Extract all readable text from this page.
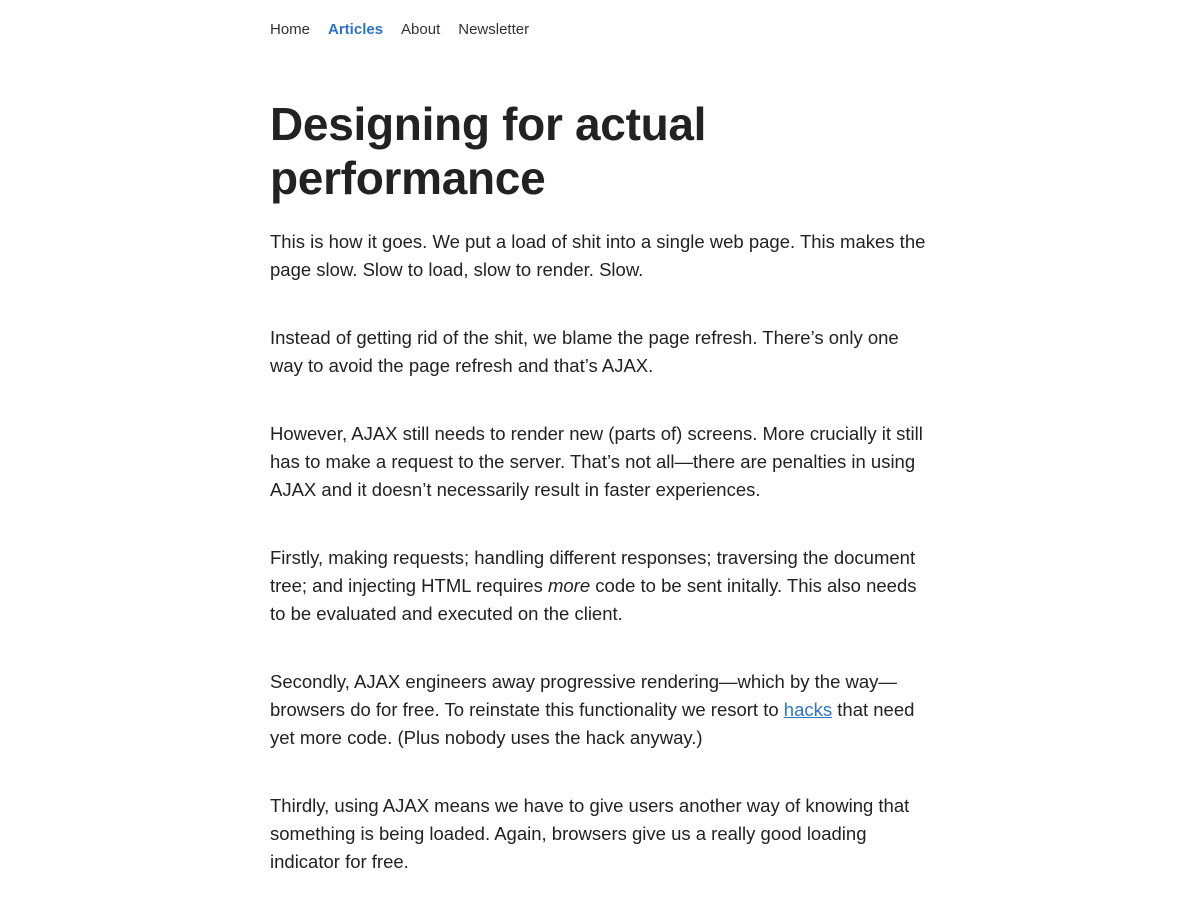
Home Articles About Newsletter
Designing for actual performance

This is how it goes. We put a load of shit into a single web page. This makes the page slow. Slow to load, slow to render. Slow.

Instead of getting rid of the shit, we blame the page refresh. There’s only one way to avoid the page refresh and that’s AJAX.

However, AJAX still needs to render new (parts of) screens. More crucially it still has to make a request to the server. That’s not all—there are penalties in using AJAX and it doesn’t necessarily result in faster experiences.

Firstly, making requests; handling different responses; traversing the document tree; and injecting HTML requires more code to be sent initally. This also needs to be evaluated and executed on the client.

Secondly, AJAX engineers away progressive rendering—which by the way—browsers do for free. To reinstate this functionality we resort to hacks that need yet more code. (Plus nobody uses the hack anyway.)

Thirdly, using AJAX means we have to give users another way of knowing that something is being loaded. Again, browsers give us a really good loading indicator for free.
